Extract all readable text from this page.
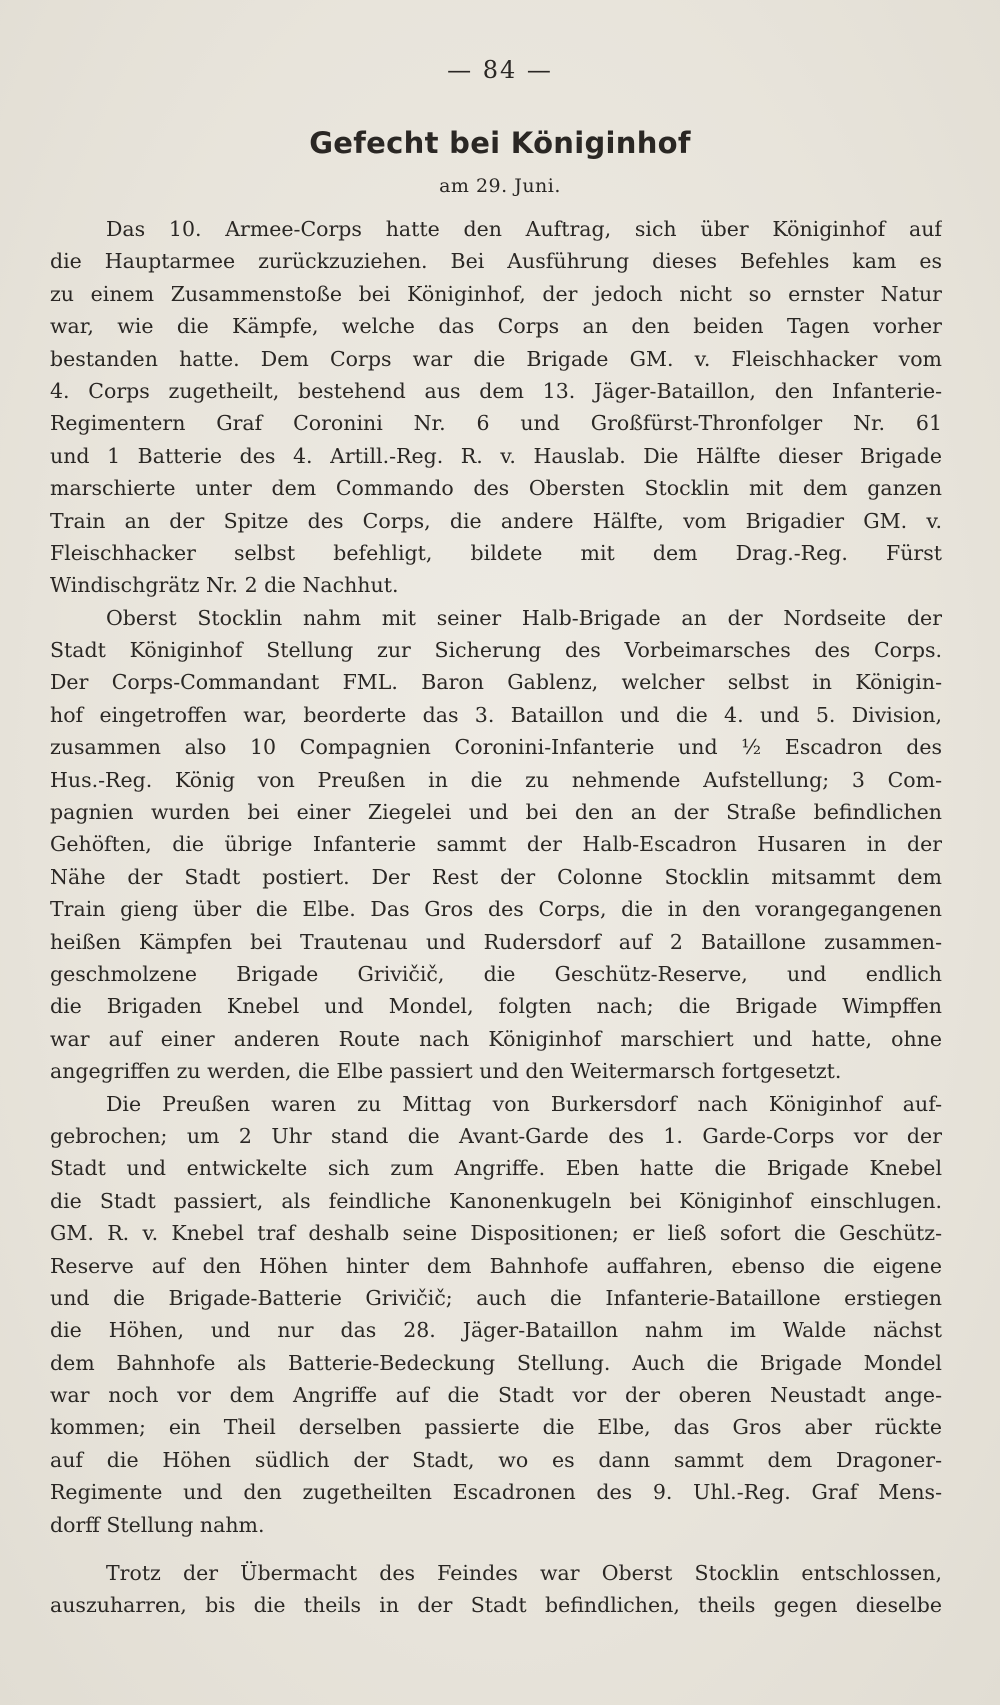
— 84 —
Gefecht bei Königinhof
am 29. Juni.
Das 10. Armee-Corps hatte den Auftrag, sich über Königinhof auf
die Hauptarmee zurückzuziehen. Bei Ausführung dieses Befehles kam es
zu einem Zusammenstoße bei Königinhof, der jedoch nicht so ernster Natur
war, wie die Kämpfe, welche das Corps an den beiden Tagen vorher
bestanden hatte. Dem Corps war die Brigade GM. v. Fleischhacker vom
4. Corps zugetheilt, bestehend aus dem 13. Jäger-Bataillon, den Infanterie-
Regimentern Graf Coronini Nr. 6 und Großfürst-Thronfolger Nr. 61
und 1 Batterie des 4. Artill.-Reg. R. v. Hauslab. Die Hälfte dieser Brigade
marschierte unter dem Commando des Obersten Stocklin mit dem ganzen
Train an der Spitze des Corps, die andere Hälfte, vom Brigadier GM. v.
Fleischhacker selbst befehligt, bildete mit dem Drag.-Reg. Fürst
Windischgrätz Nr. 2 die Nachhut.
Oberst Stocklin nahm mit seiner Halb-Brigade an der Nordseite der
Stadt Königinhof Stellung zur Sicherung des Vorbeimarsches des Corps.
Der Corps-Commandant FML. Baron Gablenz, welcher selbst in Königin-
hof eingetroffen war, beorderte das 3. Bataillon und die 4. und 5. Division,
zusammen also 10 Compagnien Coronini-Infanterie und ½ Escadron des
Hus.-Reg. König von Preußen in die zu nehmende Aufstellung; 3 Com-
pagnien wurden bei einer Ziegelei und bei den an der Straße befindlichen
Gehöften, die übrige Infanterie sammt der Halb-Escadron Husaren in der
Nähe der Stadt postiert. Der Rest der Colonne Stocklin mitsammt dem
Train gieng über die Elbe. Das Gros des Corps, die in den vorangegangenen
heißen Kämpfen bei Trautenau und Rudersdorf auf 2 Bataillone zusammen-
geschmolzene Brigade Grivičič, die Geschütz-Reserve, und endlich
die Brigaden Knebel und Mondel, folgten nach; die Brigade Wimpffen
war auf einer anderen Route nach Königinhof marschiert und hatte, ohne
angegriffen zu werden, die Elbe passiert und den Weitermarsch fortgesetzt.
Die Preußen waren zu Mittag von Burkersdorf nach Königinhof auf-
gebrochen; um 2 Uhr stand die Avant-Garde des 1. Garde-Corps vor der
Stadt und entwickelte sich zum Angriffe. Eben hatte die Brigade Knebel
die Stadt passiert, als feindliche Kanonenkugeln bei Königinhof einschlugen.
GM. R. v. Knebel traf deshalb seine Dispositionen; er ließ sofort die Geschütz-
Reserve auf den Höhen hinter dem Bahnhofe auffahren, ebenso die eigene
und die Brigade-Batterie Grivičič; auch die Infanterie-Bataillone erstiegen
die Höhen, und nur das 28. Jäger-Bataillon nahm im Walde nächst
dem Bahnhofe als Batterie-Bedeckung Stellung. Auch die Brigade Mondel
war noch vor dem Angriffe auf die Stadt vor der oberen Neustadt ange-
kommen; ein Theil derselben passierte die Elbe, das Gros aber rückte
auf die Höhen südlich der Stadt, wo es dann sammt dem Dragoner-
Regimente und den zugetheilten Escadronen des 9. Uhl.-Reg. Graf Mens-
dorff Stellung nahm.
Trotz der Übermacht des Feindes war Oberst Stocklin entschlossen,
auszuharren, bis die theils in der Stadt befindlichen, theils gegen dieselbe
